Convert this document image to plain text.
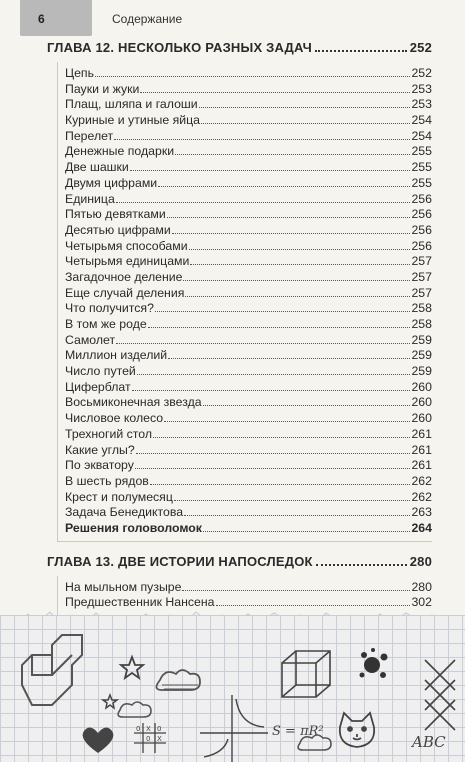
6	Содержание
ГЛАВА 12. НЕСКОЛЬКО РАЗНЫХ ЗАДАЧ	252
Цепь	252
Пауки и жуки	253
Плащ, шляпа и галоши	253
Куриные и утиные яйца	254
Перелет	254
Денежные подарки	255
Две шашки	255
Двумя цифрами	255
Единица	256
Пятью девятками	256
Десятью цифрами	256
Четырьмя способами	256
Четырьмя единицами	257
Загадочное деление	257
Еще случай деления	257
Что получится?	258
В том же роде	258
Самолет	259
Миллион изделий	259
Число путей	259
Циферблат	260
Восьмиконечная звезда	260
Числовое колесо	260
Трехногий стол	261
Какие углы?	261
По экватору	261
В шесть рядов	262
Крест и полумесяц	262
Задача Бенедиктова	263
Решения головоломок	264
ГЛАВА 13. ДВЕ ИСТОРИИ НАПОСЛЕДОК	280
На мыльном пузыре	280
Предшественник Нансена	302
0 X 0
0 X	S = πR²
ABC
